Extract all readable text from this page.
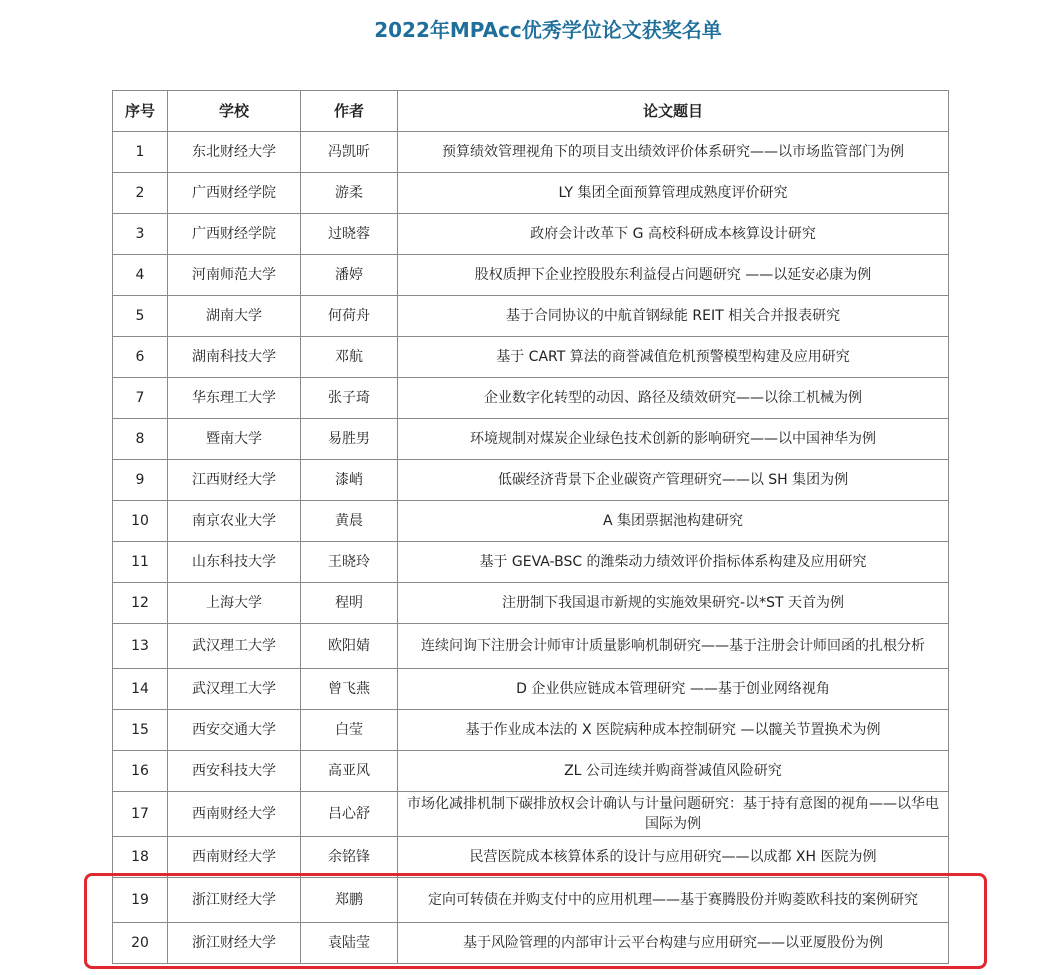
2022年MPAcc优秀学位论文获奖名单
序号	学校	作者	论文题目
1	东北财经大学	冯凯昕	预算绩效管理视角下的项目支出绩效评价体系研究——以市场监管部门为例
2	广西财经学院	游柔	LY 集团全面预算管理成熟度评价研究
3	广西财经学院	过晓蓉	政府会计改革下 G 高校科研成本核算设计研究
4	河南师范大学	潘婷	股权质押下企业控股股东利益侵占问题研究 ——以延安必康为例
5	湖南大学	何荷舟	基于合同协议的中航首钢绿能 REIT 相关合并报表研究
6	湖南科技大学	邓航	基于 CART 算法的商誉减值危机预警模型构建及应用研究
7	华东理工大学	张子琦	企业数字化转型的动因、路径及绩效研究——以徐工机械为例
8	暨南大学	易胜男	环境规制对煤炭企业绿色技术创新的影响研究——以中国神华为例
9	江西财经大学	漆峭	低碳经济背景下企业碳资产管理研究——以 SH 集团为例
10	南京农业大学	黄晨	A 集团票据池构建研究
11	山东科技大学	王晓玲	基于 GEVA-BSC 的潍柴动力绩效评价指标体系构建及应用研究
12	上海大学	程明	注册制下我国退市新规的实施效果研究-以*ST 天首为例
13	武汉理工大学	欧阳婧	连续问询下注册会计师审计质量影响机制研究——基于注册会计师回函的扎根分析
14	武汉理工大学	曾飞燕	D 企业供应链成本管理研究 ——基于创业网络视角
15	西安交通大学	白莹	基于作业成本法的 X 医院病种成本控制研究 —以髋关节置换术为例
16	西安科技大学	高亚风	ZL 公司连续并购商誉减值风险研究
17	西南财经大学	吕心舒	市场化减排机制下碳排放权会计确认与计量问题研究：基于持有意图的视角——以华电国际为例
18	西南财经大学	余铭锋	民营医院成本核算体系的设计与应用研究——以成都 XH 医院为例
19	浙江财经大学	郑鹏	定向可转债在并购支付中的应用机理——基于赛腾股份并购菱欧科技的案例研究
20	浙江财经大学	袁陆莹	基于风险管理的内部审计云平台构建与应用研究——以亚厦股份为例
